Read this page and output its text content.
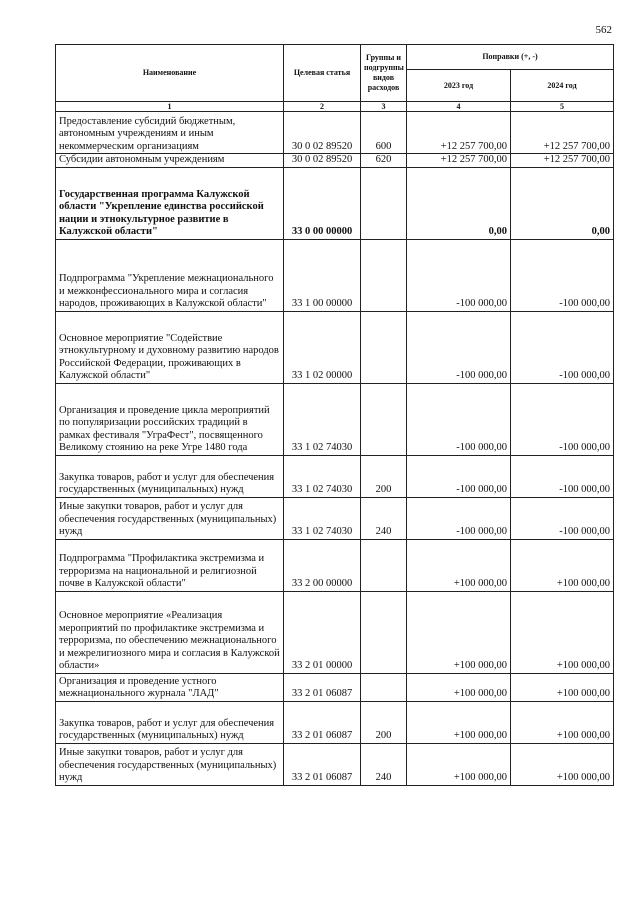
562
Наименование	Целевая статья	Группы и подгруппы видов расходов	Поправки (+, -)	
			2023 год	2024 год
1	2	3	4	5
Предоставление субсидий бюджетным, автономным учреждениям и иным некоммерческим организациям	30 0 02 89520	600	+12 257 700,00	+12 257 700,00
Субсидии автономным учреждениям	30 0 02 89520	620	+12 257 700,00	+12 257 700,00
Государственная программа Калужской области "Укрепление единства российской нации и этнокультурное развитие в Калужской области"	33 0 00 00000		0,00	0,00
Подпрограмма "Укрепление межнационального и межконфессионального мира и согласия народов, проживающих в Калужской области"	33 1 00 00000		-100 000,00	-100 000,00
Основное мероприятие "Содействие этнокультурному и духовному развитию народов Российской Федерации, проживающих в Калужской области"	33 1 02 00000		-100 000,00	-100 000,00
Организация и проведение цикла мероприятий по популяризации российских традиций в рамках фестиваля "УграФест", посвященного Великому стоянию на реке Угре 1480 года	33 1 02 74030		-100 000,00	-100 000,00
Закупка товаров, работ и услуг для обеспечения государственных (муниципальных) нужд	33 1 02 74030	200	-100 000,00	-100 000,00
Иные закупки товаров, работ и услуг для обеспечения государственных (муниципальных) нужд	33 1 02 74030	240	-100 000,00	-100 000,00
Подпрограмма "Профилактика экстремизма и терроризма на национальной и религиозной почве в Калужской области"	33 2 00 00000		+100 000,00	+100 000,00
Основное мероприятие «Реализация мероприятий по профилактике экстремизма и терроризма, по обеспечению межнационального и межрелигиозного мира и согласия в Калужской области»	33 2 01 00000		+100 000,00	+100 000,00
Организация и проведение устного межнационального журнала "ЛАД"	33 2 01 06087		+100 000,00	+100 000,00
Закупка товаров, работ и услуг для обеспечения государственных (муниципальных) нужд	33 2 01 06087	200	+100 000,00	+100 000,00
Иные закупки товаров, работ и услуг для обеспечения государственных (муниципальных) нужд	33 2 01 06087	240	+100 000,00	+100 000,00
